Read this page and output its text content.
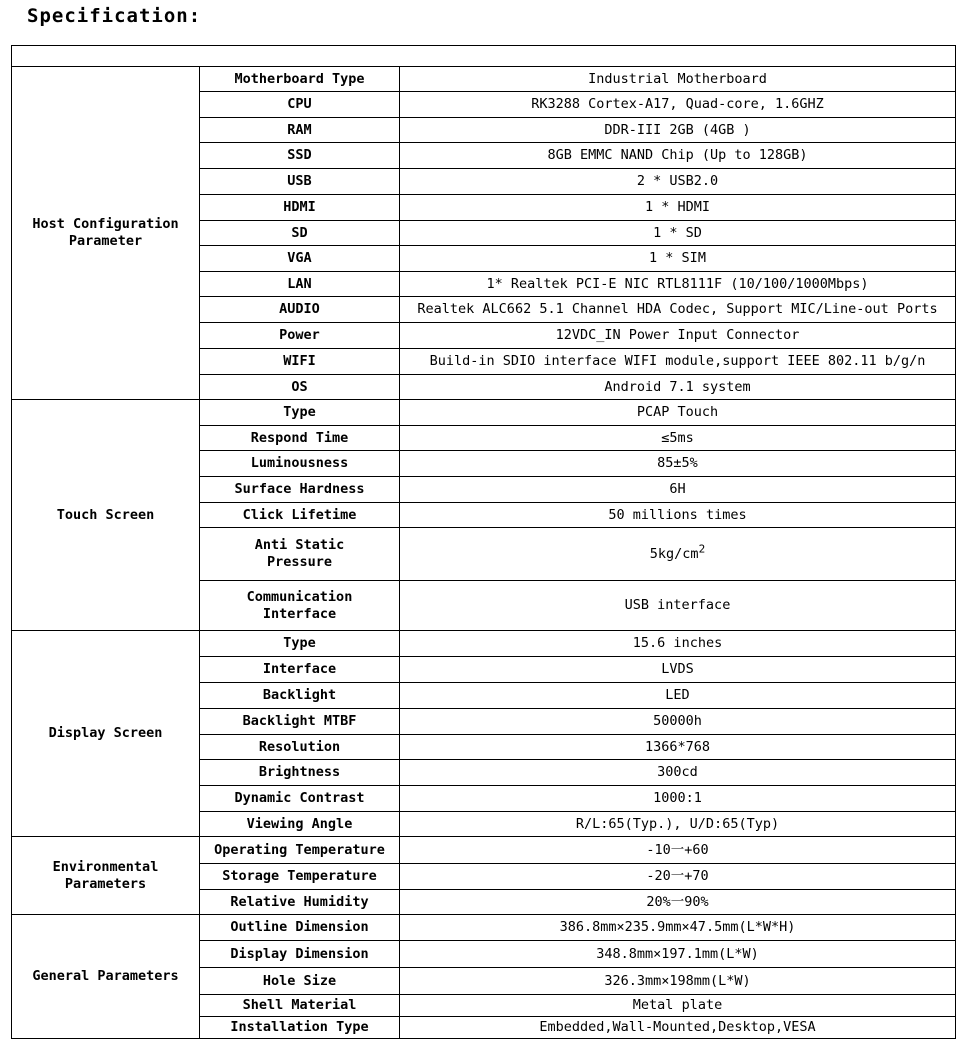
Specification:

Host Configuration
Parameter	Motherboard Type	Industrial Motherboard
	CPU	RK3288 Cortex-A17, Quad-core, 1.6GHZ
	RAM	DDR-III 2GB (4GB )
	SSD	8GB EMMC NAND Chip (Up to 128GB)
	USB	2 * USB2.0
	HDMI	1 * HDMI
	SD	1 * SD
	VGA	1 * SIM
	LAN	1* Realtek PCI-E NIC RTL8111F (10/100/1000Mbps)
	AUDIO	Realtek ALC662 5.1 Channel HDA Codec, Support MIC/Line-out Ports
	Power	12VDC_IN Power Input Connector
	WIFI	Build-in SDIO interface WIFI module,support IEEE 802.11 b/g/n
	OS	Android 7.1 system
Touch Screen	Type	PCAP Touch
	Respond Time	≤5ms
	Luminousness	85±5%
	Surface Hardness	6H
	Click Lifetime	50 millions times
	Anti Static
Pressure	$5kg/cm^2$
	Communication
Interface	USB interface
Display Screen	Type	15.6 inches
	Interface	LVDS
	Backlight	LED
	Backlight MTBF	50000h
	Resolution	1366*768
	Brightness	300cd
	Dynamic Contrast	1000:1
	Viewing Angle	R/L:65(Typ.), U/D:65(Typ)
Environmental
Parameters	Operating Temperature	-10一+60
	Storage Temperature	-20一+70
	Relative Humidity	20%一90%
General Parameters	Outline Dimension	386.8mm×235.9mm×47.5mm(L*W*H)
	Display Dimension	348.8mm×197.1mm(L*W)
	Hole Size	326.3mm×198mm(L*W)
	Shell Material	Metal plate
	Installation Type	Embedded,Wall-Mounted,Desktop,VESA
